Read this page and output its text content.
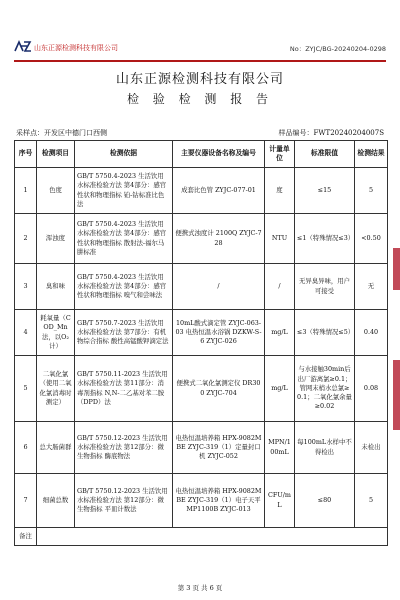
山东正源检测科技有限公司	No：ZYJC/BG-20240204-0298
山东正源检测科技有限公司
检 验 检 测 报 告
采样点：开发区中德门口西侧	样品编号：FWT20240204007S
序号	检测项目	检测依据	主要仪器设备名称及编号	计量单位	标准限值	检测结果
1	色度	GB/T 5750.4-2023 生活饮用水标准检验方法 第4部分：感官性状和物理指标 铂-钴标准比色法	成套比色管 ZYJC-077-01	度	≤15	5
2	浑浊度	GB/T 5750.4-2023 生活饮用水标准检验方法 第4部分：感官性状和物理指标 散射法-福尔马肼标准	便携式浊度计 2100Q ZYJC-728	NTU	≤1（特殊情况≤3）	<0.50
3	臭和味	GB/T 5750.4-2023 生活饮用水标准检验方法 第4部分：感官性状和物理指标 嗅气和尝味法	/	/	无异臭异味，用户可接受	无
4	耗氧量（COD_Mn法，以O₂计）	GB/T 5750.7-2023 生活饮用水标准检验方法 第7部分：有机物综合指标 酸性高锰酸钾滴定法	10mL酸式滴定管 ZYJC-063-03 电热恒温水浴锅 DZKW-S-6 ZYJC-026	mg/L	≤3（特殊情况≤5）	0.40
5	二氧化氯（使用二氧化氯消毒时测定）	GB/T 5750.11-2023 生活饮用水标准检验方法 第11部分：消毒剂指标 N,N-二乙基对苯二胺（DPD）法	便携式二氧化氯测定仪 DR300 ZYJC-704	mg/L	与水接触30min后出厂游离氯≥0.1；管网末梢水总氯≥0.1；二氧化氯余量≥0.02	0.08
6	总大肠菌群	GB/T 5750.12-2023 生活饮用水标准检验方法 第12部分：微生物指标 酶底物法	电热恒温培养箱 HPX-9082MBE ZYJC-319（1）定量封口机 ZYJC-052	MPN/100mL	每100mL水样中不得检出	未检出
7	细菌总数	GB/T 5750.12-2023 生活饮用水标准检验方法 第12部分：微生物指标 平皿计数法	电热恒温培养箱 HPX-9082MBE ZYJC-319（1）电子天平 MP1100B ZYJC-013	CFU/mL	≤80	5
备注						
第 3 页 共 6 页
